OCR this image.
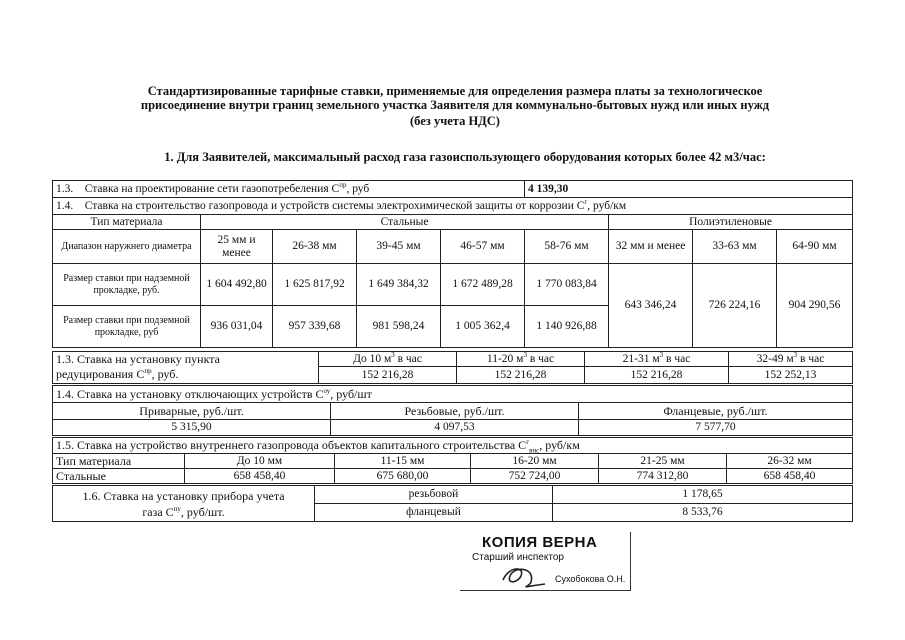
Стандартизированные тарифные ставки, применяемые для определения размера платы за технологическое
присоединение внутри границ земельного участка Заявителя для коммунально-бытовых нужд или иных нужд
(без учета НДС)
1. Для Заявителей, максимальный расход газа газоиспользующего оборудования которых более 42 м3/час:
1.3. Ставка на проектирование сети газопотребеления $С^{пр}$, руб					4 139,30			
1.4. Ставка на строительство газопровода и устройств системы электрохимической защиты от коррозии $С^г$, руб/км								
Тип материала	Стальные					Полиэтиленовые		
Диапазон наружнего диаметра	25 мм и менее	26-38 мм	39-45 мм	46-57 мм	58-76 мм	32 мм и менее	33-63 мм	64-90 мм
Размер ставки при надземной прокладке, руб.	1 604 492,80	1 625 817,92	1 649 384,32	1 672 489,28	1 770 083,84	643 346,24	726 224,16	904 290,56
Размер ставки при подземной прокладке, руб	936 031,04	957 339,68	981 598,24	1 005 362,4	1 140 926,88			
1.3. Ставка на установку пункта	До 10 $м^3$ в час	11-20 $м^3$ в час	21-31 $м^3$ в час	32-49 $м^3$ в час
редуцирования $С^{пр}$, руб.	152 216,28	152 216,28	152 216,28	152 252,13
1.4. Ставка на установку отключающих устройств $С^{оу}$, руб/шт		
Приварные, руб./шт.	Резьбовые, руб./шт.	Фланцевые, руб./шт.
5 315,90	4 097,53	7 577,70
1.5. Ставка на устройство внутреннего газопровода объектов капитального строительства $С^г_{внс}$, руб/км					
Тип материала	До 10 мм	11-15 мм	16-20 мм	21-25 мм	26-32 мм
Стальные	658 458,40	675 680,00	752 724,00	774 312,80	658 458,40
1.6. Ставка на установку прибора учета
газа $С^{пу}$, руб/шт.	резьбовой	1 178,65
	фланцевый	8 533,76
КОПИЯ ВЕРНА
Старший инспектор
Сухобокова О.Н.
